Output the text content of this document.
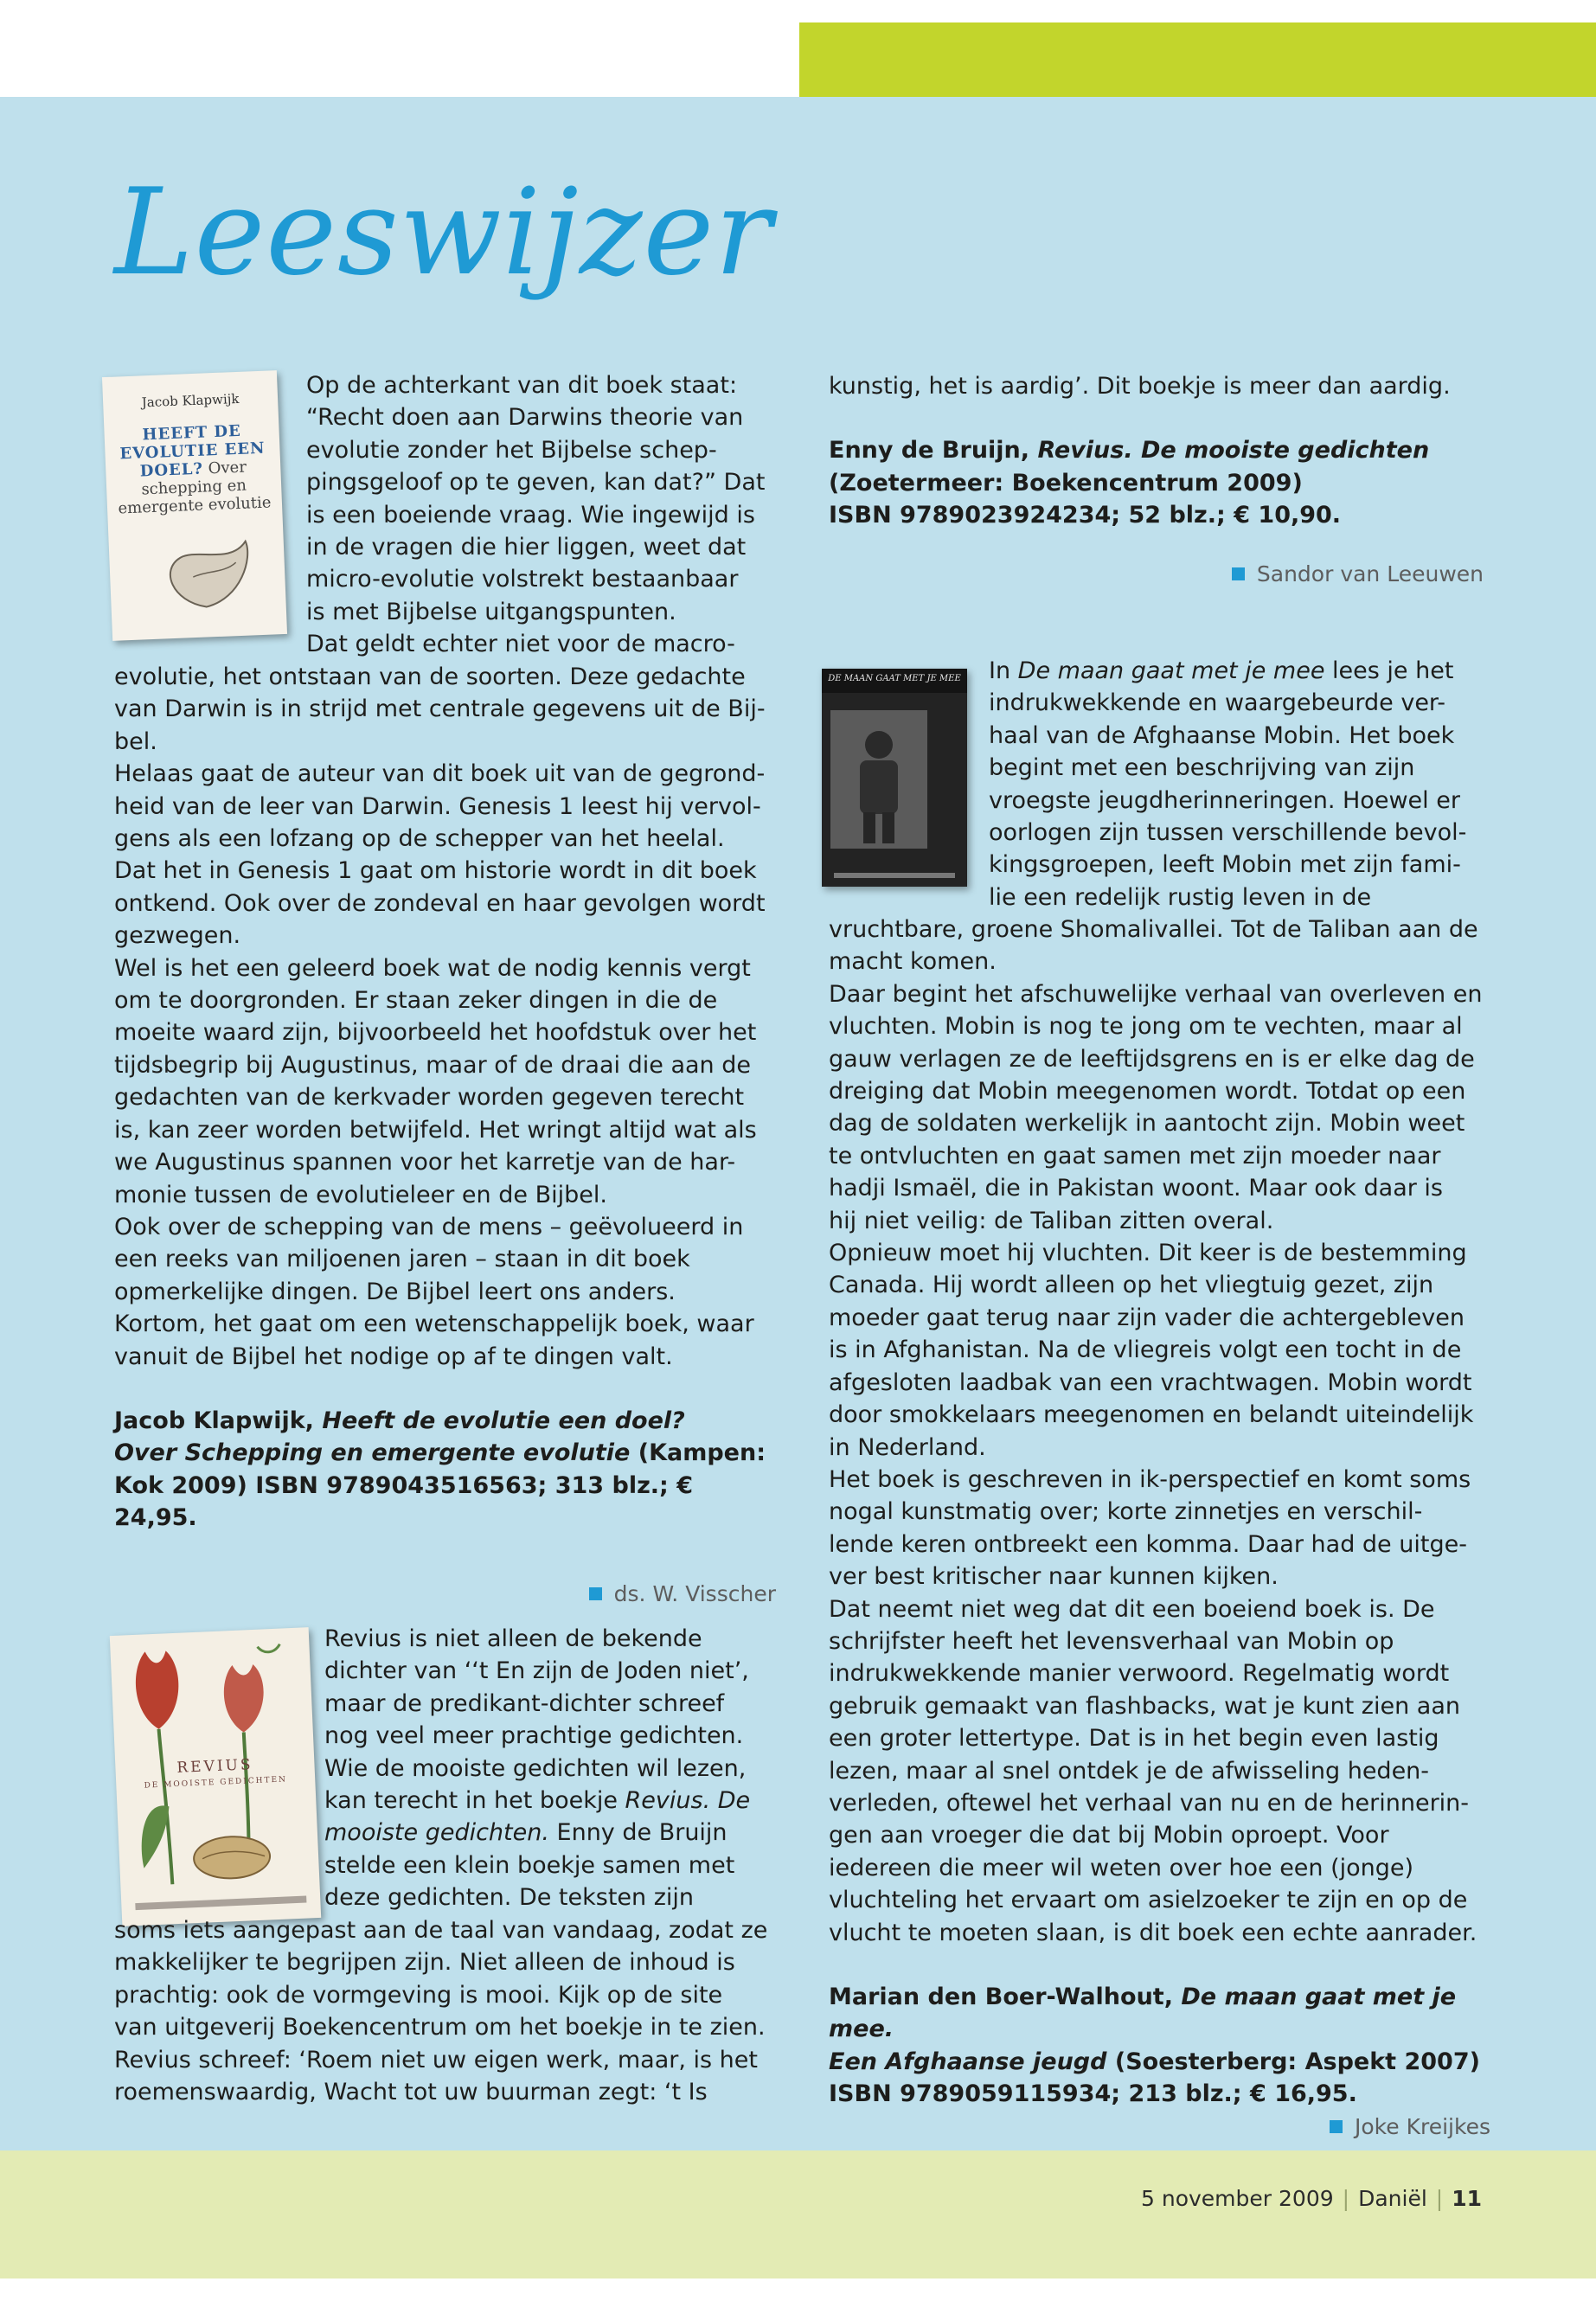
Leeswijzer
Jacob Klapwijk
HEEFT DE
EVOLUTIE EEN
DOEL? Over schepping en emergente evolutie

Op de achterkant van dit boek staat:

“Recht doen aan Darwins theorie van

evolutie zonder het Bijbelse schep-

pingsgeloof op te geven, kan dat?” Dat

is een boeiende vraag. Wie ingewijd is

in de vragen die hier liggen, weet dat

micro-evolutie volstrekt bestaanbaar

is met Bijbelse uitgangspunten.

Dat geldt echter niet voor de macro-

evolutie, het ontstaan van de soorten. Deze gedachte

van Darwin is in strijd met centrale gegevens uit de Bij-

bel.

Helaas gaat de auteur van dit boek uit van de gegrond-

heid van de leer van Darwin. Genesis 1 leest hij vervol-

gens als een lofzang op de schepper van het heelal.

Dat het in Genesis 1 gaat om historie wordt in dit boek

ontkend. Ook over de zondeval en haar gevolgen wordt

gezwegen.

Wel is het een geleerd boek wat de nodig kennis vergt

om te doorgronden. Er staan zeker dingen in die de

moeite waard zijn, bijvoorbeeld het hoofdstuk over het

tijdsbegrip bij Augustinus, maar of de draai die aan de

gedachten van de kerkvader worden gegeven terecht

is, kan zeer worden betwijfeld. Het wringt altijd wat als

we Augustinus spannen voor het karretje van de har-

monie tussen de evolutieleer en de Bijbel.

Ook over de schepping van de mens – geëvolueerd in

een reeks van miljoenen jaren – staan in dit boek

opmerkelijke dingen. De Bijbel leert ons anders.

Kortom, het gaat om een wetenschappelijk boek, waar

vanuit de Bijbel het nodige op af te dingen valt.

Jacob Klapwijk, Heeft de evolutie een doel?

Over Schepping en emergente evolutie (Kampen:

Kok 2009) ISBN 9789043516563; 313 blz.; € 24,95.

ds. W. Visscher
REVIUS
DE MOOISTE GEDICHTEN

Revius is niet alleen de bekende

dichter van ‘‘t En zijn de Joden niet’,

maar de predikant-dichter schreef

nog veel meer prachtige gedichten.

Wie de mooiste gedichten wil lezen,

kan terecht in het boekje Revius. De

mooiste gedichten. Enny de Bruijn

stelde een klein boekje samen met

deze gedichten. De teksten zijn

soms iets aangepast aan de taal van vandaag, zodat ze

makkelijker te begrijpen zijn. Niet alleen de inhoud is

prachtig: ook de vormgeving is mooi. Kijk op de site

van uitgeverij Boekencentrum om het boekje in te zien.

Revius schreef: ‘Roem niet uw eigen werk, maar, is het

roemenswaardig, Wacht tot uw buurman zegt: ‘t Is

kunstig, het is aardig’. Dit boekje is meer dan aardig.

Enny de Bruijn, Revius. De mooiste gedichten

(Zoetermeer: Boekencentrum 2009)

ISBN 9789023924234; 52 blz.; € 10,90.

Sandor van Leeuwen
DE MAAN GAAT MET JE MEE In De maan gaat met je mee lees je het

indrukwekkende en waargebeurde ver-

haal van de Afghaanse Mobin. Het boek

begint met een beschrijving van zijn

vroegste jeugdherinneringen. Hoewel er

oorlogen zijn tussen verschillende bevol-

kingsgroepen, leeft Mobin met zijn fami-

lie een redelijk rustig leven in de

vruchtbare, groene Shomalivallei. Tot de Taliban aan de

macht komen.

Daar begint het afschuwelijke verhaal van overleven en

vluchten. Mobin is nog te jong om te vechten, maar al

gauw verlagen ze de leeftijdsgrens en is er elke dag de

dreiging dat Mobin meegenomen wordt. Totdat op een

dag de soldaten werkelijk in aantocht zijn. Mobin weet

te ontvluchten en gaat samen met zijn moeder naar

hadji Ismaël, die in Pakistan woont. Maar ook daar is

hij niet veilig: de Taliban zitten overal.

Opnieuw moet hij vluchten. Dit keer is de bestemming

Canada. Hij wordt alleen op het vliegtuig gezet, zijn

moeder gaat terug naar zijn vader die achtergebleven

is in Afghanistan. Na de vliegreis volgt een tocht in de

afgesloten laadbak van een vrachtwagen. Mobin wordt

door smokkelaars meegenomen en belandt uiteindelijk

in Nederland.

Het boek is geschreven in ik-perspectief en komt soms

nogal kunstmatig over; korte zinnetjes en verschil-

lende keren ontbreekt een komma. Daar had de uitge-

ver best kritischer naar kunnen kijken.

Dat neemt niet weg dat dit een boeiend boek is. De

schrijfster heeft het levensverhaal van Mobin op

indrukwekkende manier verwoord. Regelmatig wordt

gebruik gemaakt van flashbacks, wat je kunt zien aan

een groter lettertype. Dat is in het begin even lastig

lezen, maar al snel ontdek je de afwisseling heden-

verleden, oftewel het verhaal van nu en de herinnerin-

gen aan vroeger die dat bij Mobin oproept. Voor

iedereen die meer wil weten over hoe een (jonge)

vluchteling het ervaart om asielzoeker te zijn en op de

vlucht te moeten slaan, is dit boek een echte aanrader.

Marian den Boer-Walhout, De maan gaat met je mee.

Een Afghaanse jeugd (Soesterberg: Aspekt 2007)

ISBN 9789059115934; 213 blz.; € 16,95.

Joke Kreijkes
5 november 2009 | Daniël | 11
